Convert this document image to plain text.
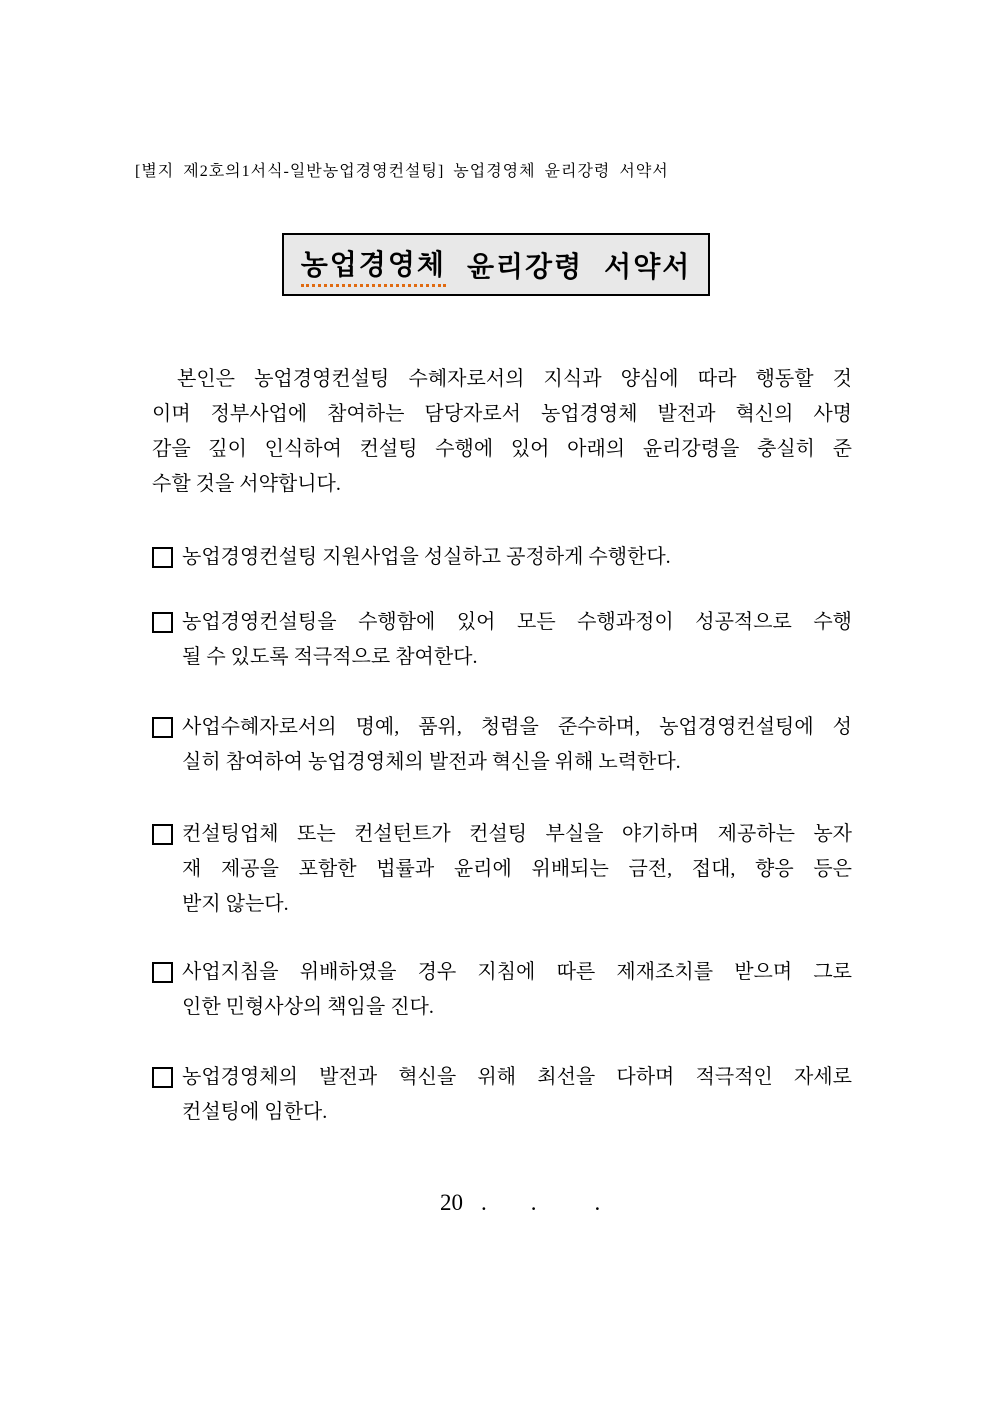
[별지 제2호의1서식-일반농업경영컨설팅] 농업경영체 윤리강령 서약서
농업경영체 윤리강령 서약서
본인은 농업경영컨설팅 수혜자로서의 지식과 양심에 따라 행동할 것
이며 정부사업에 참여하는 담당자로서 농업경영체 발전과 혁신의 사명
감을 깊이 인식하여 컨설팅 수행에 있어 아래의 윤리강령을 충실히 준
수할 것을 서약합니다.
농업경영컨설팅 지원사업을 성실하고 공정하게 수행한다.
농업경영컨설팅을 수행함에 있어 모든 수행과정이 성공적으로 수행
될 수 있도록 적극적으로 참여한다.
사업수혜자로서의 명예, 품위, 청렴을 준수하며, 농업경영컨설팅에 성
실히 참여하여 농업경영체의 발전과 혁신을 위해 노력한다.
컨설팅업체 또는 컨설턴트가 컨설팅 부실을 야기하며 제공하는 농자
재 제공을 포함한 법률과 윤리에 위배되는 금전, 접대, 향응 등은
받지 않는다.
사업지침을 위배하였을 경우 지침에 따른 제재조치를 받으며 그로
인한 민형사상의 책임을 진다.
농업경영체의 발전과 혁신을 위해 최선을 다하며 적극적인 자세로
컨설팅에 임한다.
20 . .	.
